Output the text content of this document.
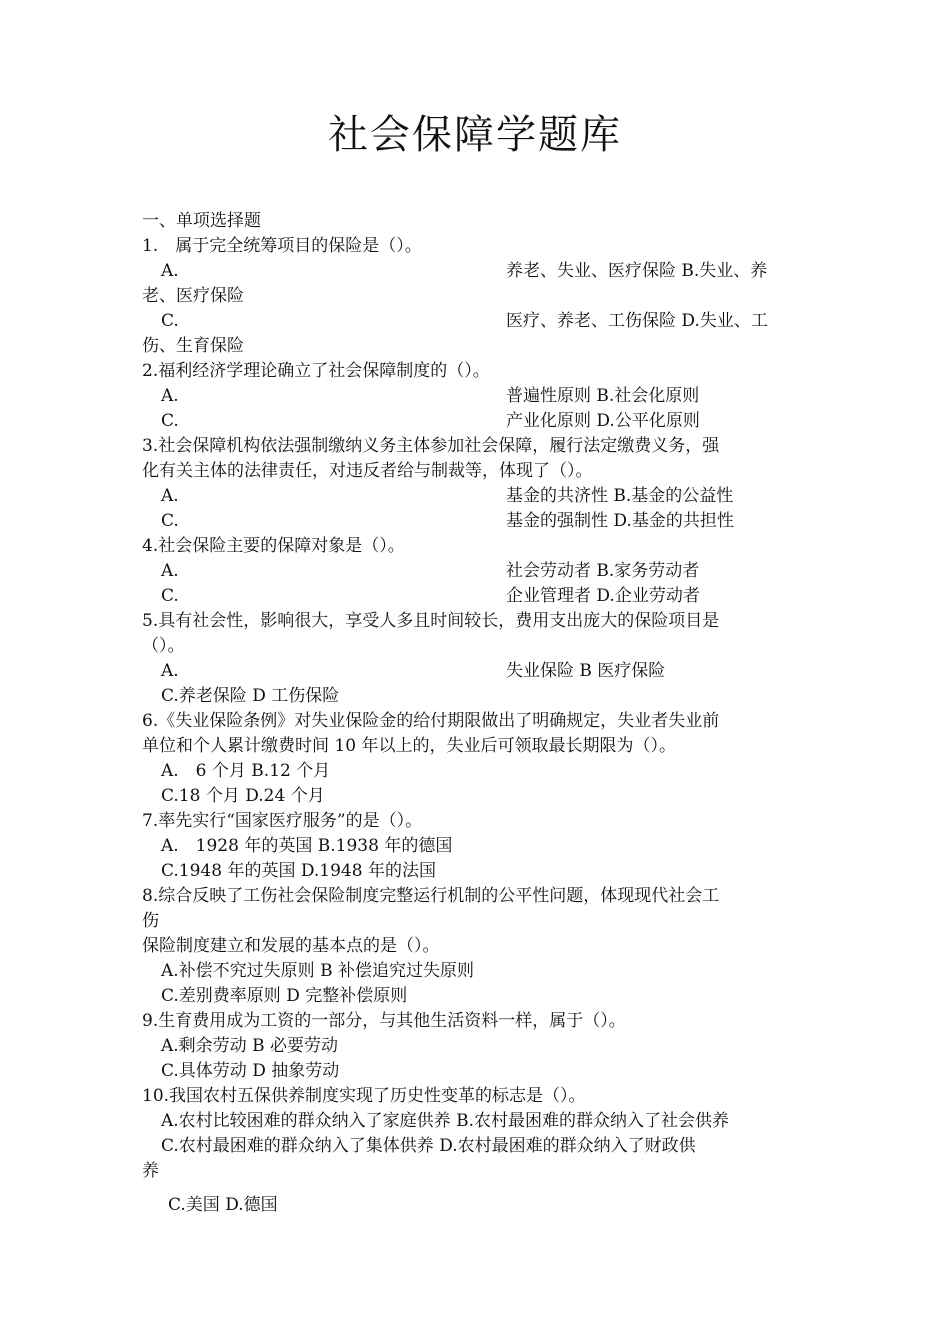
社会保障学题库
一、单项选择题
1.　属于完全统筹项目的保险是（）。
A.	养老、失业、医疗保险 B.失业、养
老、医疗保险
C.	医疗、养老、工伤保险 D.失业、工
伤、生育保险
2.福利经济学理论确立了社会保障制度的（）。
A.	普遍性原则 B.社会化原则
C.	产业化原则 D.公平化原则
3.社会保障机构依法强制缴纳义务主体参加社会保障，履行法定缴费义务，强
化有关主体的法律责任，对违反者给与制裁等，体现了（）。
A.	基金的共济性 B.基金的公益性
C.	基金的强制性 D.基金的共担性
4.社会保险主要的保障对象是（）。
A.	社会劳动者 B.家务劳动者
C.	企业管理者 D.企业劳动者
5.具有社会性，影响很大，享受人多且时间较长，费用支出庞大的保险项目是
（）。
A.	失业保险 B 医疗保险
C.养老保险 D 工伤保险
6.《失业保险条例》对失业保险金的给付期限做出了明确规定，失业者失业前
单位和个人累计缴费时间 10 年以上的，失业后可领取最长期限为（）。
A.　6 个月 B.12 个月
C.18 个月 D.24 个月
7.率先实行“国家医疗服务”的是（）。
A.　1928 年的英国 B.1938 年的德国
C.1948 年的英国 D.1948 年的法国
8.综合反映了工伤社会保险制度完整运行机制的公平性问题，体现现代社会工
伤
保险制度建立和发展的基本点的是（）。
A.补偿不究过失原则 B 补偿追究过失原则
C.差别费率原则 D 完整补偿原则
9.生育费用成为工资的一部分，与其他生活资料一样，属于（）。
A.剩余劳动 B 必要劳动
C.具体劳动 D 抽象劳动
10.我国农村五保供养制度实现了历史性变革的标志是（）。
A.农村比较困难的群众纳入了家庭供养 B.农村最困难的群众纳入了社会供养
C.农村最困难的群众纳入了集体供养 D.农村最困难的群众纳入了财政供
养
C.美国 D.德国
